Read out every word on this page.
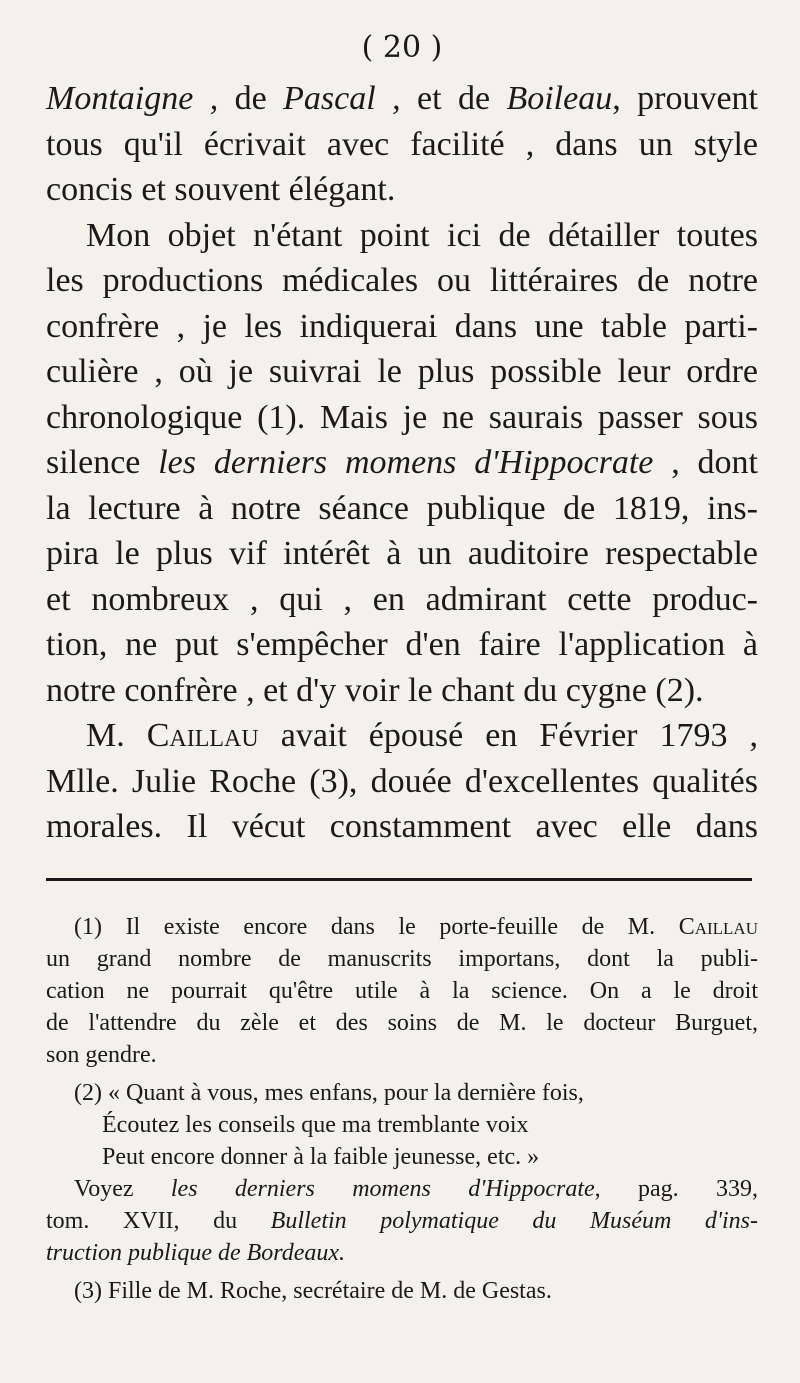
( 20 )
Montaigne , de Pascal , et de Boileau, prouvent
tous qu'il écrivait avec facilité , dans un style
concis et souvent élégant.
Mon objet n'étant point ici de détailler toutes
les productions médicales ou littéraires de notre
confrère , je les indiquerai dans une table parti-
culière , où je suivrai le plus possible leur ordre
chronologique (1). Mais je ne saurais passer sous
silence les derniers momens d'Hippocrate , dont
la lecture à notre séance publique de 1819, ins-
pira le plus vif intérêt à un auditoire respectable
et nombreux , qui , en admirant cette produc-
tion, ne put s'empêcher d'en faire l'application à
notre confrère , et d'y voir le chant du cygne (2).
M. Caillau avait épousé en Février 1793 ,
Mlle. Julie Roche (3), douée d'excellentes qualités
morales. Il vécut constamment avec elle dans
(1) Il existe encore dans le porte-feuille de M. Caillau
un grand nombre de manuscrits importans, dont la publi-
cation ne pourrait qu'être utile à la science. On a le droit
de l'attendre du zèle et des soins de M. le docteur Burguet,
son gendre.
(2) « Quant à vous, mes enfans, pour la dernière fois,
Écoutez les conseils que ma tremblante voix
Peut encore donner à la faible jeunesse, etc. »
Voyez les derniers momens d'Hippocrate, pag. 339,
tom. XVII, du Bulletin polymatique du Muséum d'ins-
truction publique de Bordeaux.
(3) Fille de M. Roche, secrétaire de M. de Gestas.
